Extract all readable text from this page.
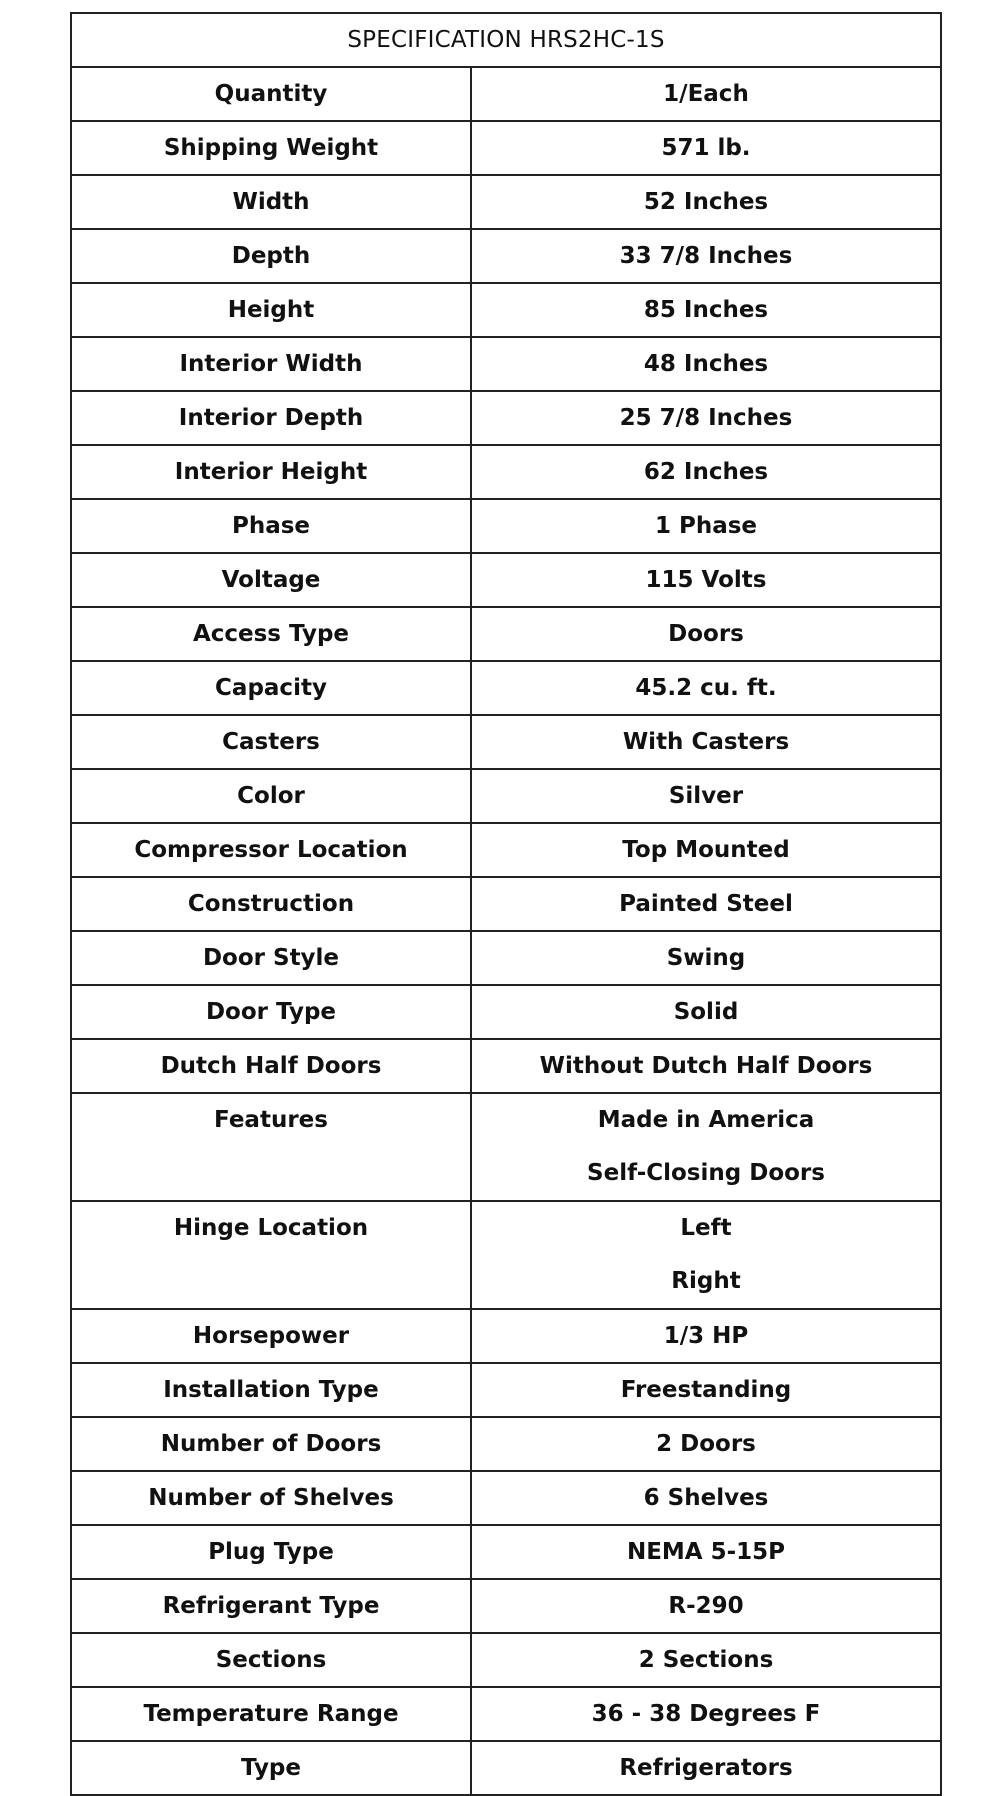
SPECIFICATION HRS2HC-1S	
Quantity	1/Each
Shipping Weight	571 lb.
Width	52 Inches
Depth	33 7/8 Inches
Height	85 Inches
Interior Width	48 Inches
Interior Depth	25 7/8 Inches
Interior Height	62 Inches
Phase	1 Phase
Voltage	115 Volts
Access Type	Doors
Capacity	45.2 cu. ft.
Casters	With Casters
Color	Silver
Compressor Location	Top Mounted
Construction	Painted Steel
Door Style	Swing
Door Type	Solid
Dutch Half Doors	Without Dutch Half Doors

Features	Made in America
Self-Closing Doors

Hinge Location	Left
Right

Horsepower	1/3 HP
Installation Type	Freestanding
Number of Doors	2 Doors
Number of Shelves	6 Shelves
Plug Type	NEMA 5-15P
Refrigerant Type	R-290
Sections	2 Sections
Temperature Range	36 - 38 Degrees F
Type	Refrigerators
